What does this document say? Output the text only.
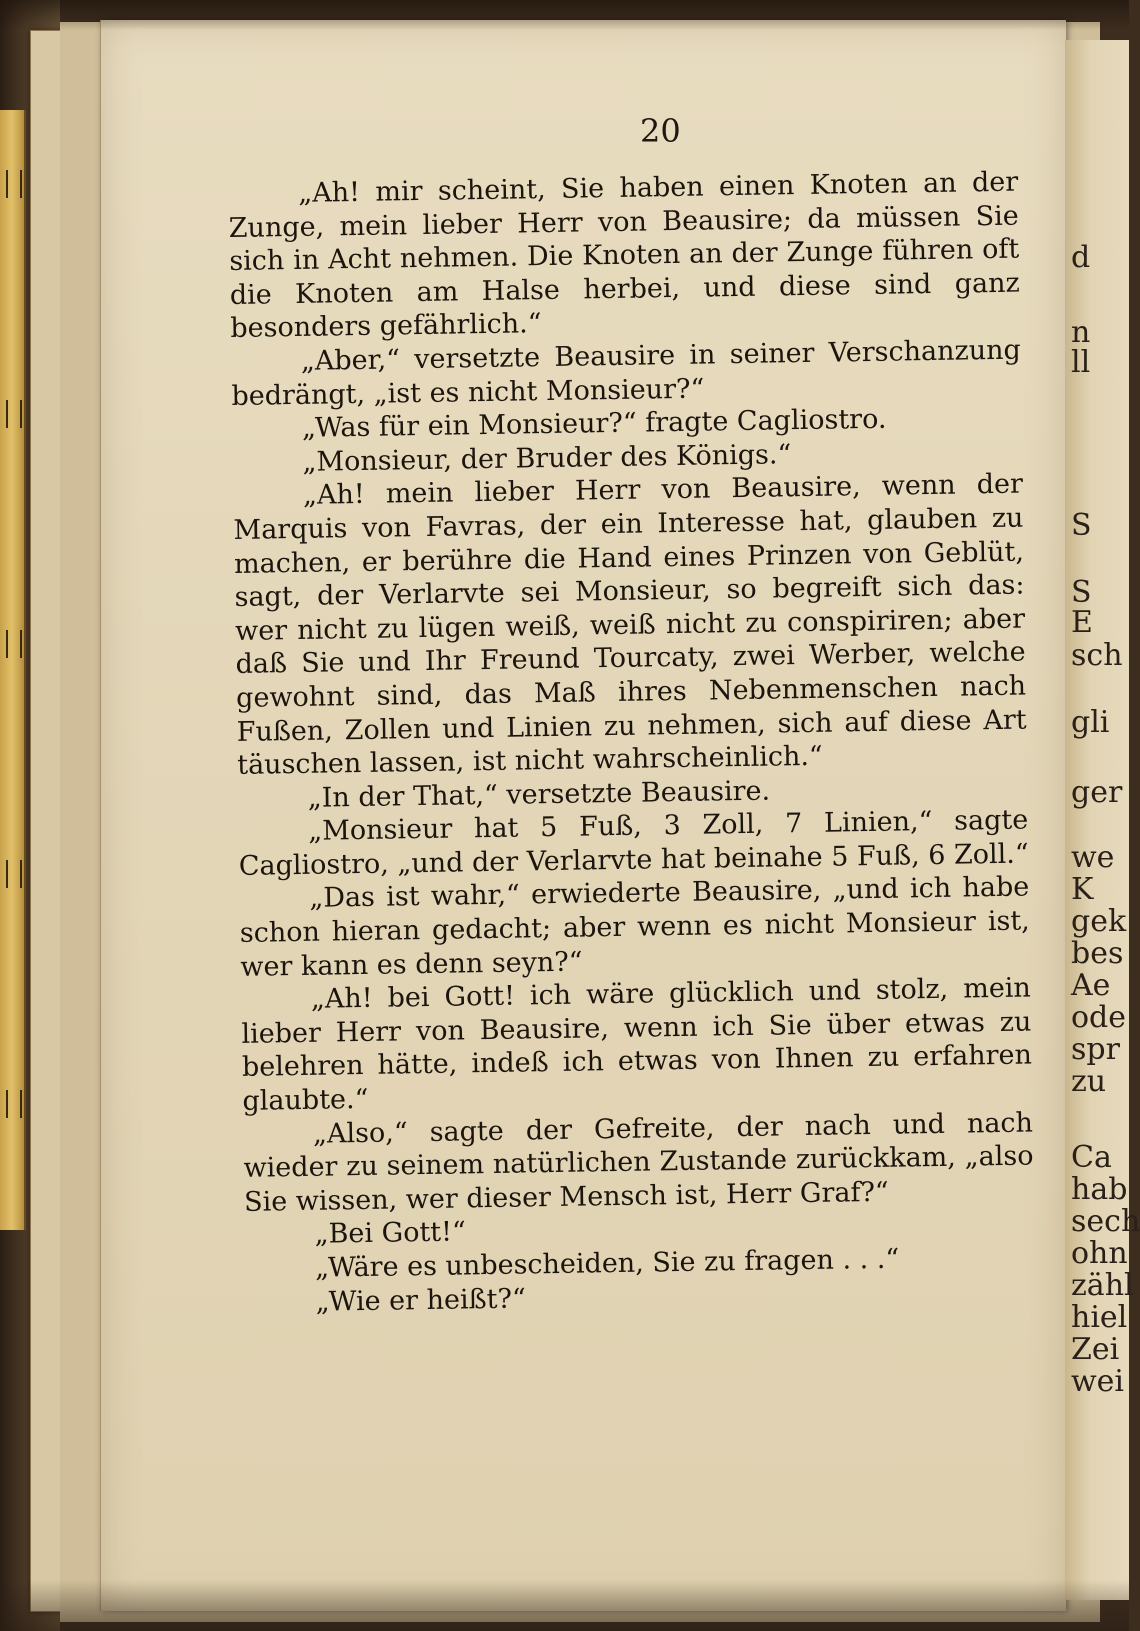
d
n
ll
S
S
E
sch
gli
ger
we
K
gek
bes
Ae
ode
spr
zu
Ca
hab
sech
ohn
zähl
hiel
Zei
wei
20

„Ah! mir scheint, Sie haben einen Knoten an der Zunge, mein lieber Herr von Beausire; da müssen Sie sich in Acht nehmen. Die Knoten an der Zunge führen oft die Knoten am Halse herbei, und diese sind ganz besonders gefährlich.“

„Aber,“ versetzte Beausire in seiner Verschanzung bedrängt, „ist es nicht Monsieur?“

„Was für ein Monsieur?“ fragte Cagliostro.

„Monsieur, der Bruder des Königs.“

„Ah! mein lieber Herr von Beausire, wenn der Marquis von Favras, der ein Interesse hat, glauben zu machen, er berühre die Hand eines Prinzen von Geblüt, sagt, der Verlarvte sei Monsieur, so begreift sich das: wer nicht zu lügen weiß, weiß nicht zu conspiriren; aber daß Sie und Ihr Freund Tourcaty, zwei Werber, welche gewohnt sind, das Maß ihres Nebenmenschen nach Fußen, Zollen und Linien zu nehmen, sich auf diese Art täuschen lassen, ist nicht wahrscheinlich.“

„In der That,“ versetzte Beausire.

„Monsieur hat 5 Fuß, 3 Zoll, 7 Linien,“ sagte Cagliostro, „und der Verlarvte hat beinahe 5 Fuß, 6 Zoll.“

„Das ist wahr,“ erwiederte Beausire, „und ich habe schon hieran gedacht; aber wenn es nicht Monsieur ist, wer kann es denn seyn?“

„Ah! bei Gott! ich wäre glücklich und stolz, mein lieber Herr von Beausire, wenn ich Sie über etwas zu belehren hätte, indeß ich etwas von Ihnen zu erfahren glaubte.“

„Also,“ sagte der Gefreite, der nach und nach wieder zu seinem natürlichen Zustande zurückkam, „also Sie wissen, wer dieser Mensch ist, Herr Graf?“

„Bei Gott!“

„Wäre es unbescheiden, Sie zu fragen . . .“

„Wie er heißt?“
